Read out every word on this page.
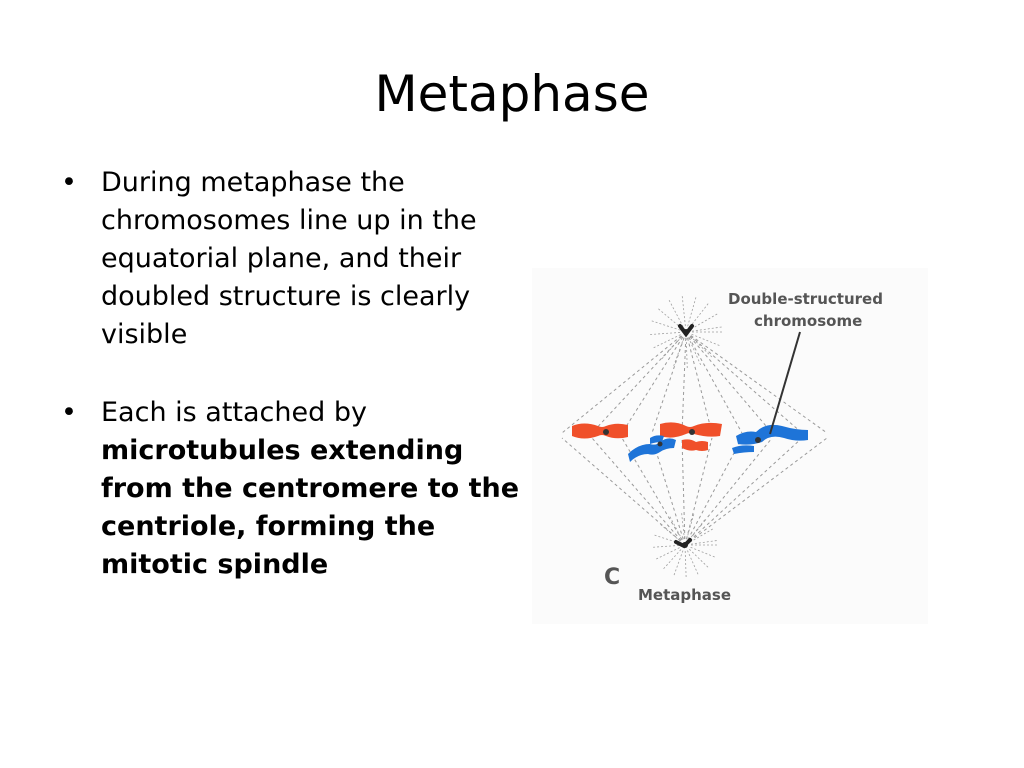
Metaphase
• During metaphase the chromosomes line up in the equatorial plane, and their doubled structure is clearly visible
• Each is attached by microtubules extending from the centromere to the centriole, forming the mitotic spindle
Double-structured
chromosome
C
Metaphase
